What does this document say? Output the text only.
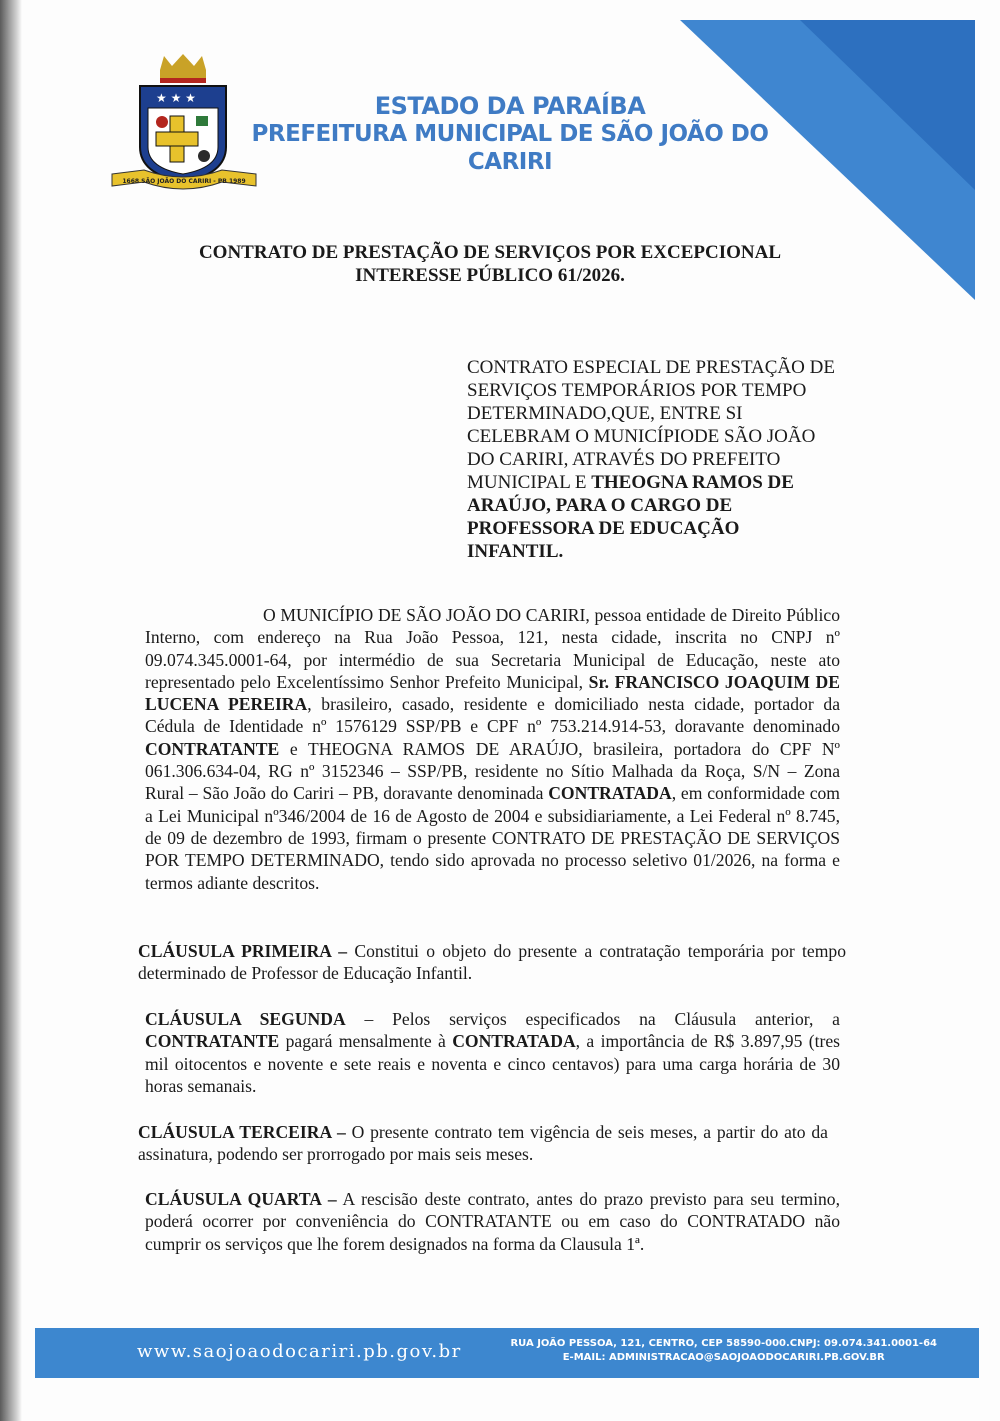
★ ★ ★
1668 SÃO JOÃO DO CARIRI - PB 1989
ESTADO DA PARAÍBA
PREFEITURA MUNICIPAL DE SÃO JOÃO DO CARIRI
CONTRATO DE PRESTAÇÃO DE SERVIÇOS POR EXCEPCIONAL
INTERESSE PÚBLICO 61/2026.
CONTRATO ESPECIAL DE PRESTAÇÃO DE SERVIÇOS TEMPORÁRIOS POR TEMPO DETERMINADO,QUE, ENTRE SI CELEBRAM O MUNICÍPIODE SÃO JOÃO DO CARIRI, ATRAVÉS DO PREFEITO MUNICIPAL E THEOGNA RAMOS DE ARAÚJO, PARA O CARGO DE PROFESSORA DE EDUCAÇÃO INFANTIL.
O MUNICÍPIO DE SÃO JOÃO DO CARIRI, pessoa entidade de Direito Público Interno, com endereço na Rua João Pessoa, 121, nesta cidade, inscrita no CNPJ nº 09.074.345.0001-64, por intermédio de sua Secretaria Municipal de Educação, neste ato representado pelo Excelentíssimo Senhor Prefeito Municipal, Sr. FRANCISCO JOAQUIM DE LUCENA PEREIRA, brasileiro, casado, residente e domiciliado nesta cidade, portador da Cédula de Identidade nº 1576129 SSP/PB e CPF nº 753.214.914-53, doravante denominado CONTRATANTE e THEOGNA RAMOS DE ARAÚJO, brasileira, portadora do CPF Nº 061.306.634-04, RG nº 3152346 – SSP/PB, residente no Sítio Malhada da Roça, S/N – Zona Rural – São João do Cariri – PB, doravante denominada CONTRATADA, em conformidade com a Lei Municipal nº346/2004 de 16 de Agosto de 2004 e subsidiariamente, a Lei Federal nº 8.745, de 09 de dezembro de 1993, firmam o presente CONTRATO DE PRESTAÇÃO DE SERVIÇOS POR TEMPO DETERMINADO, tendo sido aprovada no processo seletivo 01/2026, na forma e termos adiante descritos.
CLÁUSULA PRIMEIRA – Constitui o objeto do presente a contratação temporária por tempo determinado de Professor de Educação Infantil.
CLÁUSULA SEGUNDA – Pelos serviços especificados na Cláusula anterior, a CONTRATANTE pagará mensalmente à CONTRATADA, a importância de R$ 3.897,95 (tres mil oitocentos e novente e sete reais e noventa e cinco centavos) para uma carga horária de 30 horas semanais.
CLÁUSULA TERCEIRA – O presente contrato tem vigência de seis meses, a partir do ato da assinatura, podendo ser prorrogado por mais seis meses.
CLÁUSULA QUARTA – A rescisão deste contrato, antes do prazo previsto para seu termino, poderá ocorrer por conveniência do CONTRATANTE ou em caso do CONTRATADO não cumprir os serviços que lhe forem designados na forma da Clausula 1ª.
www.saojoaodocariri.pb.gov.br	RUA JOÃO PESSOA, 121, CENTRO, CEP 58590-000.CNPJ: 09.074.341.0001-64
E-MAIL: ADMINISTRACAO@SAOJOAODOCARIRI.PB.GOV.BR
